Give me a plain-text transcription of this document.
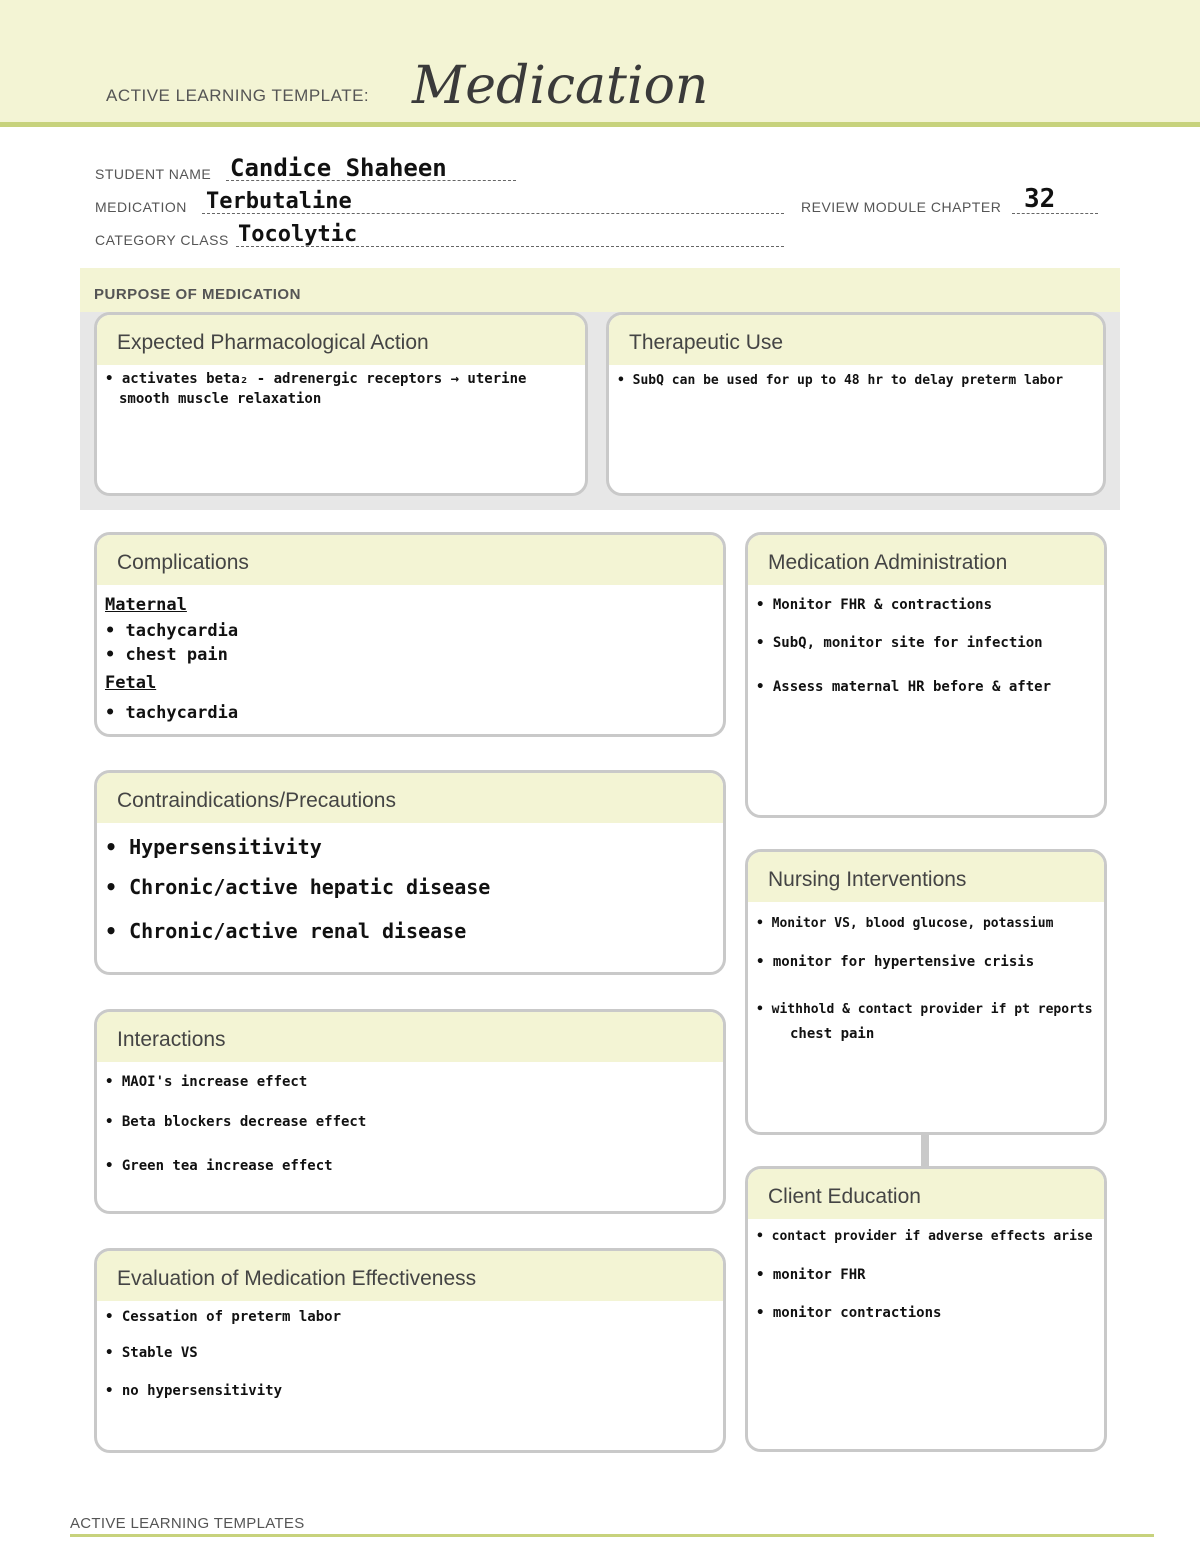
ACTIVE LEARNING TEMPLATE: Medication
STUDENT NAME Candice Shaheen
MEDICATION Terbutaline	REVIEW MODULE CHAPTER 32
CATEGORY CLASS Tocolytic
PURPOSE OF MEDICATION
Expected Pharmacological Action
• activates beta₂ - adrenergic receptors → uterine
smooth muscle relaxation
Therapeutic Use
• SubQ can be used for up to 48 hr to delay preterm labor
Complications
Maternal
• tachycardia
• chest pain
Fetal
• tachycardia
Medication Administration
• Monitor FHR & contractions
• SubQ, monitor site for infection
• Assess maternal HR before & after
Contraindications/Precautions
• Hypersensitivity
• Chronic/active hepatic disease
• Chronic/active renal disease
Nursing Interventions
• Monitor VS, blood glucose, potassium
• monitor for hypertensive crisis
• withhold & contact provider if pt reports
chest pain
Interactions
• MAOI's increase effect
• Beta blockers decrease effect
• Green tea increase effect
Client Education
• contact provider if adverse effects arise
• monitor FHR
• monitor contractions
Evaluation of Medication Effectiveness
• Cessation of preterm labor
• Stable VS
• no hypersensitivity
ACTIVE LEARNING TEMPLATES
